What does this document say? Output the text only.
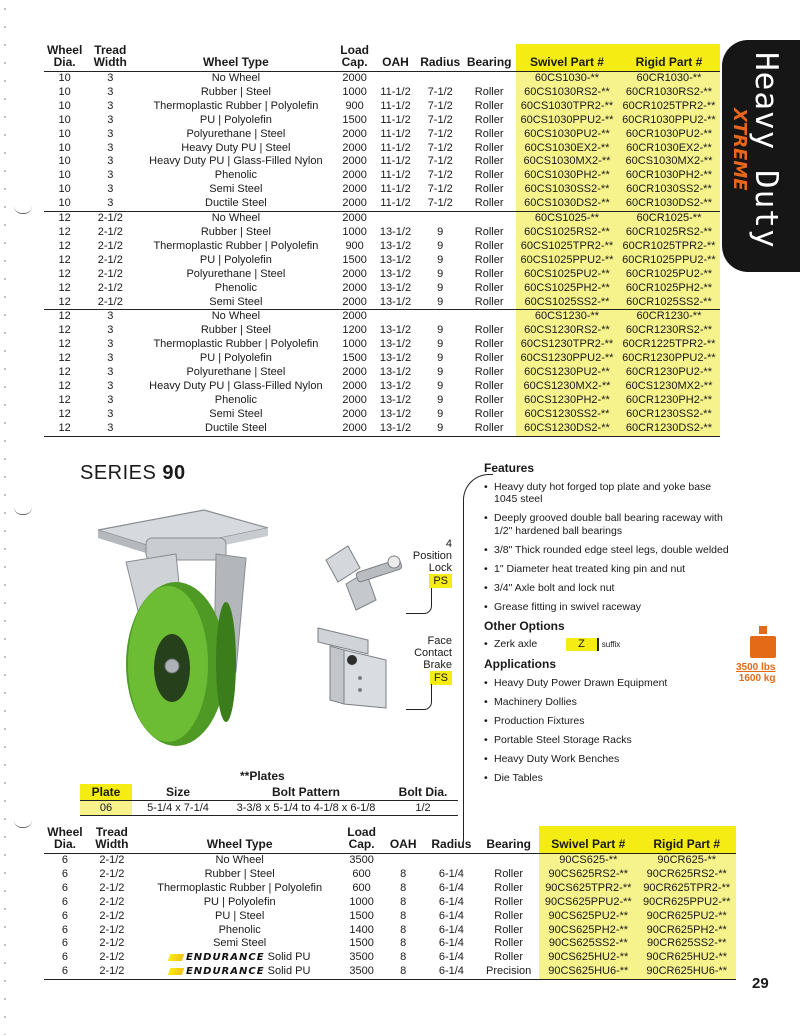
Heavy Duty
XTREME
Wheel Dia.	Tread Width	Wheel Type	Load Cap.	OAH	Radius	Bearing	Swivel Part #	Rigid Part #
10	3	No Wheel	2000				60CS1030-**	60CR1030-**
10	3	Rubber | Steel	1000	11-1/2	7-1/2	Roller	60CS1030RS2-**	60CR1030RS2-**
10	3	Thermoplastic Rubber | Polyolefin	900	11-1/2	7-1/2	Roller	60CS1030TPR2-**	60CR1025TPR2-**
10	3	PU | Polyolefin	1500	11-1/2	7-1/2	Roller	60CS1030PPU2-**	60CR1030PPU2-**
10	3	Polyurethane | Steel	2000	11-1/2	7-1/2	Roller	60CS1030PU2-**	60CR1030PU2-**
10	3	Heavy Duty PU | Steel	2000	11-1/2	7-1/2	Roller	60CS1030EX2-**	60CR1030EX2-**
10	3	Heavy Duty PU | Glass-Filled Nylon	2000	11-1/2	7-1/2	Roller	60CS1030MX2-**	60CS1030MX2-**
10	3	Phenolic	2000	11-1/2	7-1/2	Roller	60CS1030PH2-**	60CR1030PH2-**
10	3	Semi Steel	2000	11-1/2	7-1/2	Roller	60CS1030SS2-**	60CR1030SS2-**
10	3	Ductile Steel	2000	11-1/2	7-1/2	Roller	60CS1030DS2-**	60CR1030DS2-**
12	2-1/2	No Wheel	2000				60CS1025-**	60CR1025-**
12	2-1/2	Rubber | Steel	1000	13-1/2	9	Roller	60CS1025RS2-**	60CR1025RS2-**
12	2-1/2	Thermoplastic Rubber | Polyolefin	900	13-1/2	9	Roller	60CS1025TPR2-**	60CR1025TPR2-**
12	2-1/2	PU | Polyolefin	1500	13-1/2	9	Roller	60CS1025PPU2-**	60CR1025PPU2-**
12	2-1/2	Polyurethane | Steel	2000	13-1/2	9	Roller	60CS1025PU2-**	60CR1025PU2-**
12	2-1/2	Phenolic	2000	13-1/2	9	Roller	60CS1025PH2-**	60CR1025PH2-**
12	2-1/2	Semi Steel	2000	13-1/2	9	Roller	60CS1025SS2-**	60CR1025SS2-**
12	3	No Wheel	2000				60CS1230-**	60CR1230-**
12	3	Rubber | Steel	1200	13-1/2	9	Roller	60CS1230RS2-**	60CR1230RS2-**
12	3	Thermoplastic Rubber | Polyolefin	1000	13-1/2	9	Roller	60CS1230TPR2-**	60CR1225TPR2-**
12	3	PU | Polyolefin	1500	13-1/2	9	Roller	60CS1230PPU2-**	60CR1230PPU2-**
12	3	Polyurethane | Steel	2000	13-1/2	9	Roller	60CS1230PU2-**	60CR1230PU2-**
12	3	Heavy Duty PU | Glass-Filled Nylon	2000	13-1/2	9	Roller	60CS1230MX2-**	60CS1230MX2-**
12	3	Phenolic	2000	13-1/2	9	Roller	60CS1230PH2-**	60CR1230PH2-**
12	3	Semi Steel	2000	13-1/2	9	Roller	60CS1230SS2-**	60CR1230SS2-**
12	3	Ductile Steel	2000	13-1/2	9	Roller	60CS1230DS2-**	60CR1230DS2-**
SERIES 90
4
Position
Lock
PS
Face
Contact
Brake
FS
**Plates
Plate	Size	Bolt Pattern	Bolt Dia.
06	5-1/4 x 7-1/4	3-3/8 x 5-1/4 to 4-1/8 x 6-1/8	1/2
Features
• Heavy duty hot forged top plate and yoke base 1045 steel
• Deeply grooved double ball bearing raceway with 1/2" hardened ball bearings
• 3/8" Thick rounded edge steel legs, double welded
• 1" Diameter heat treated king pin and nut
• 3/4" Axle bolt and lock nut
• Grease fitting in swivel raceway
Other Options
• Zerk axle	Z suffix
Applications
• Heavy Duty Power Drawn Equipment
• Machinery Dollies
• Production Fixtures
• Portable Steel Storage Racks
• Heavy Duty Work Benches
• Die Tables
3500 lbs
1600 kg
Wheel Dia.	Tread Width	Wheel Type	Load Cap.	OAH	Radius	Bearing	Swivel Part #	Rigid Part #
6	2-1/2	No Wheel	3500				90CS625-**	90CR625-**
6	2-1/2	Rubber | Steel	600	8	6-1/4	Roller	90CS625RS2-**	90CR625RS2-**
6	2-1/2	Thermoplastic Rubber | Polyolefin	600	8	6-1/4	Roller	90CS625TPR2-**	90CR625TPR2-**
6	2-1/2	PU | Polyolefin	1000	8	6-1/4	Roller	90CS625PPU2-**	90CR625PPU2-**
6	2-1/2	PU | Steel	1500	8	6-1/4	Roller	90CS625PU2-**	90CR625PU2-**
6	2-1/2	Phenolic	1400	8	6-1/4	Roller	90CS625PH2-**	90CR625PH2-**
6	2-1/2	Semi Steel	1500	8	6-1/4	Roller	90CS625SS2-**	90CR625SS2-**
6	2-1/2	ENDURANCE Solid PU	3500	8	6-1/4	Roller	90CS625HU2-**	90CR625HU2-**
6	2-1/2	ENDURANCE Solid PU	3500	8	6-1/4	Precision	90CS625HU6-**	90CR625HU6-**
29
